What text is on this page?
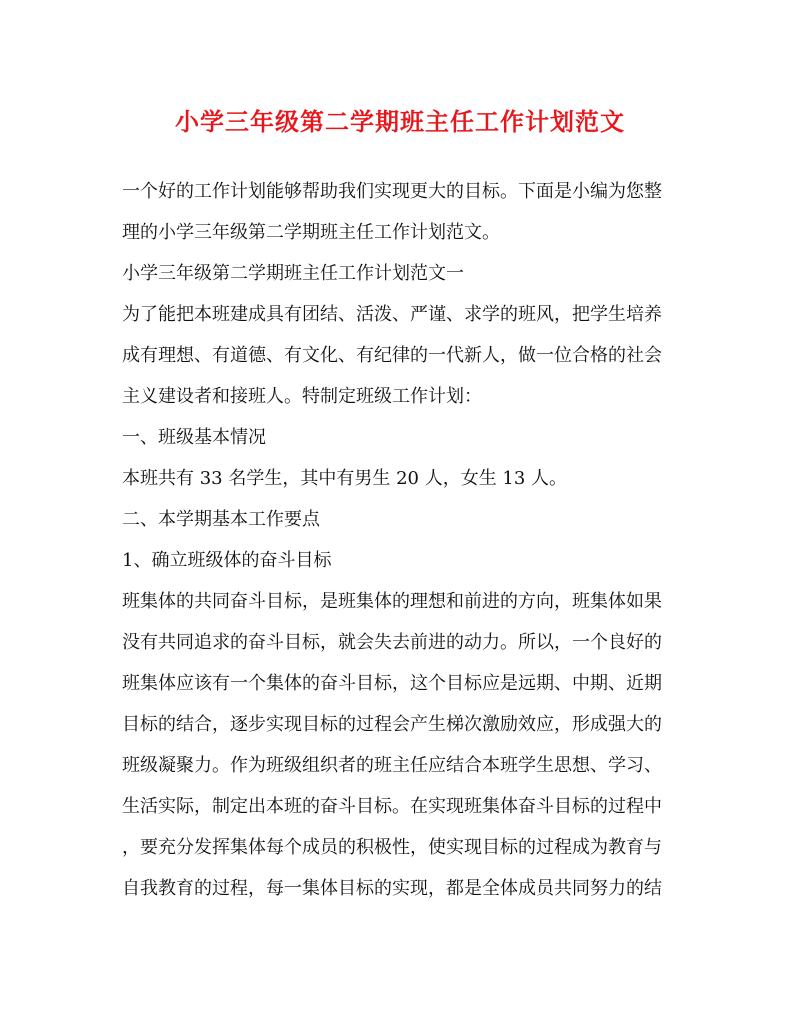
小学三年级第二学期班主任工作计划范文
一个好的工作计划能够帮助我们实现更大的目标。下面是小编为您整
理的小学三年级第二学期班主任工作计划范文。
小学三年级第二学期班主任工作计划范文一
为了能把本班建成具有团结、活泼、严谨、求学的班风，把学生培养
成有理想、有道德、有文化、有纪律的一代新人，做一位合格的社会
主义建设者和接班人。特制定班级工作计划：
一、班级基本情况
本班共有 33 名学生，其中有男生 20 人，女生 13 人。
二、本学期基本工作要点
1、确立班级体的奋斗目标
班集体的共同奋斗目标，是班集体的理想和前进的方向，班集体如果
没有共同追求的奋斗目标，就会失去前进的动力。所以，一个良好的
班集体应该有一个集体的奋斗目标，这个目标应是远期、中期、近期
目标的结合，逐步实现目标的过程会产生梯次激励效应，形成强大的
班级凝聚力。作为班级组织者的班主任应结合本班学生思想、学习、
生活实际，制定出本班的奋斗目标。在实现班集体奋斗目标的过程中
，要充分发挥集体每个成员的积极性，使实现目标的过程成为教育与
自我教育的过程，每一集体目标的实现，都是全体成员共同努力的结
